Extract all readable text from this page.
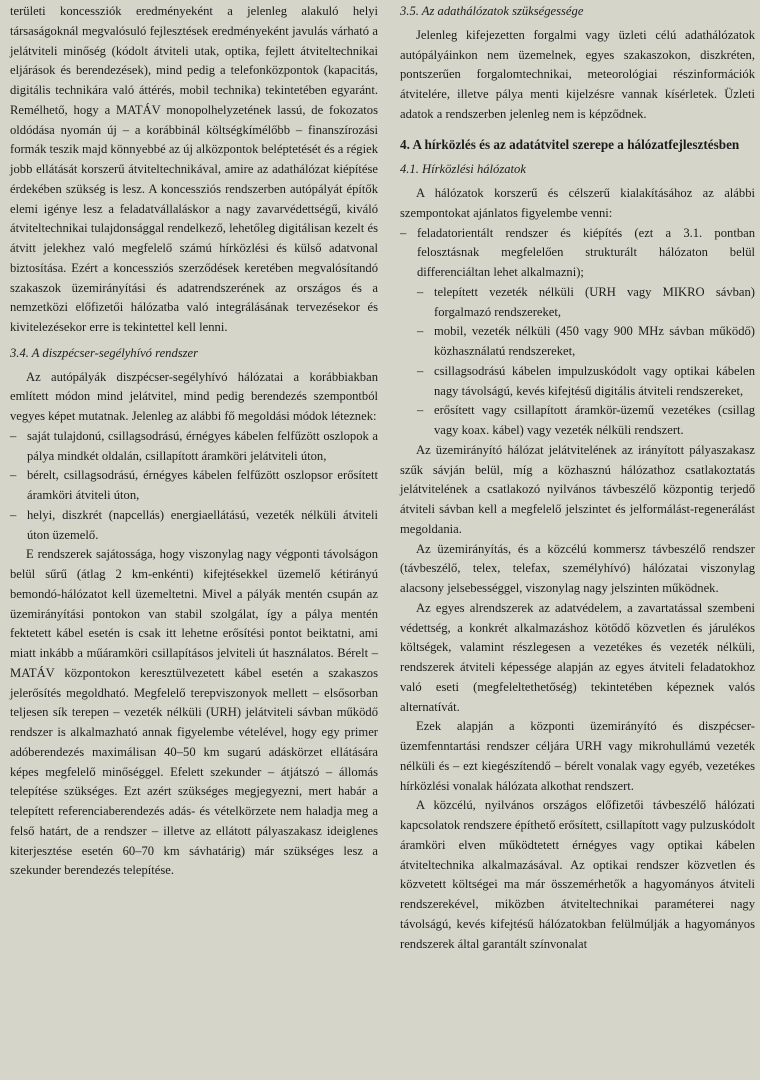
területi koncessziók eredményeként a jelenleg alakuló helyi társaságoknál megvalósuló fejlesztések eredményeként javulás várható a jelátviteli minőség (kódolt átviteli utak, optika, fejlett átviteltechnikai eljárások és berendezések), mind pedig a telefonközpontok (kapacitás, digitális technikára való áttérés, mobil technika) tekintetében egyaránt. Remélhető, hogy a MATÁV monopolhelyzetének lassú, de fokozatos oldódása nyomán új – a korábbinál költségkímélőbb – finanszírozási formák teszik majd könnyebbé az új alközpontok beléptetését és a régiek jobb ellátását korszerű átviteltechnikával, amire az adathálózat kiépítése érdekében szükség is lesz. A koncessziós rendszerben autópályát építők elemi igénye lesz a feladatvállaláskor a nagy zavarvédettségű, kiváló átviteltechnikai tulajdonsággal rendelkező, lehetőleg digitálisan kezelt és átvitt jelekhez való megfelelő számú hírközlési és külső adatvonal biztosítása. Ezért a koncessziós szerződések keretében megvalósítandó szakaszok üzemirányítási és adatrendszerének az országos és a nemzetközi előfizetői hálózatba való integrálásának tervezésekor és kivitelezésekor erre is tekintettel kell lenni.

3.4. A diszpécser-segélyhívó rendszer

Az autópályák diszpécser-segélyhívó hálózatai a korábbiakban említett módon mind jelátvitel, mind pedig berendezés szempontból vegyes képet mutatnak. Jelenleg az alábbi fő megoldási módok léteznek:

– saját tulajdonú, csillagsodrású, érnégyes kábelen felfűzött oszlopok a pálya mindkét oldalán, csillapított áramköri jelátviteli úton,
– bérelt, csillagsodrású, érnégyes kábelen felfűzött oszlopsor erősített áramköri átviteli úton,
– helyi, diszkrét (napcellás) energiaellátású, vezeték nélküli átviteli úton üzemelő.

E rendszerek sajátossága, hogy viszonylag nagy végponti távolságon belül sűrű (átlag 2 km-enkénti) kifejtésekkel üzemelő kétirányú bemondó-hálózatot kell üzemeltetni. Mivel a pályák mentén csupán az üzemirányítási pontokon van stabil szolgálat, így a pálya mentén fektetett kábel esetén is csak itt lehetne erősítési pontot beiktatni, ami miatt inkább a műáramköri csillapításos jelviteli út használatos. Bérelt – MATÁV központokon keresztülvezetett kábel esetén a szakaszos jelerősítés megoldható. Megfelelő terepviszonyok mellett – elsősorban teljesen sík terepen – vezeték nélküli (URH) jelátviteli sávban működő rendszer is alkalmazható annak figyelembe vételével, hogy egy primer adóberendezés maximálisan 40–50 km sugarú adáskörzet ellátására képes megfelelő minőséggel. Efelett szekunder – átjátszó – állomás telepítése szükséges. Ezt azért szükséges megjegyezni, mert habár a telepített referenciaberendezés adás- és vételkörzete nem haladja meg a felső határt, de a rendszer – illetve az ellátott pályaszakasz ideiglenes kiterjesztése esetén 60–70 km sávhatárig) már szükséges lesz a szekunder berendezés telepítése.

3.5. Az adathálózatok szükségessége

Jelenleg kifejezetten forgalmi vagy üzleti célú adathálózatok autópályáinkon nem üzemelnek, egyes szakaszokon, diszkréten, pontszerűen forgalomtechnikai, meteorológiai részinformációk átvitelére, illetve pálya menti kijelzésre vannak kísérletek. Üzleti adatok a rendszerben jelenleg nem is képződnek.

4. A hírközlés és az adatátvitel szerepe a hálózatfejlesztésben
4.1. Hírközlési hálózatok

A hálózatok korszerű és célszerű kialakításához az alábbi szempontokat ajánlatos figyelembe venni:

– feladatorientált rendszer és kiépítés (ezt a 3.1. pontban felosztásnak megfelelően strukturált hálózaton belül differenciáltan lehet alkalmazni);
– telepített vezeték nélküli (URH vagy MIKRO sávban) forgalmazó rendszereket,
– mobil, vezeték nélküli (450 vagy 900 MHz sávban működő) közhasználatú rendszereket,
– csillagsodrású kábelen impulzuskódolt vagy optikai kábelen nagy távolságú, kevés kifejtésű digitális átviteli rendszereket,
– erősített vagy csillapított áramkör-üzemű vezetékes (csillag vagy koax. kábel) vagy vezeték nélküli rendszert.

Az üzemirányító hálózat jelátvitelének az irányított pályaszakasz szűk sávján belül, míg a közhasznú hálózathoz csatlakoztatás jelátvitelének a csatlakozó nyilvános távbeszélő központig terjedő átviteli sávban kell a megfelelő jelszintet és jelformálást-regenerálást megoldania.

Az üzemirányítás, és a közcélú kommersz távbeszélő rendszer (távbeszélő, telex, telefax, személyhívó) hálózatai viszonylag alacsony jelsebességgel, viszonylag nagy jelszinten működnek.

Az egyes alrendszerek az adatvédelem, a zavartatással szembeni védettség, a konkrét alkalmazáshoz kötődő közvetlen és járulékos költségek, valamint részlegesen a vezetékes és vezeték nélküli, rendszerek átviteli képessége alapján az egyes átviteli feladatokhoz való eseti (megfeleltethetőség) tekintetében képeznek valós alternatívát.

Ezek alapján a központi üzemirányító és diszpécser-üzemfenntartási rendszer céljára URH vagy mikrohullámú vezeték nélküli és – ezt kiegészítendő – bérelt vonalak vagy egyéb, vezetékes hírközlési vonalak hálózata alkothat rendszert.

A közcélú, nyilvános országos előfizetői távbeszélő hálózati kapcsolatok rendszere építhető erősített, csillapított vagy pulzuskódolt áramköri elven működtetett érnégyes vagy optikai kábelen átviteltechnika alkalmazásával. Az optikai rendszer közvetlen és közvetett költségei ma már összemérhetők a hagyományos átviteli rendszerekével, miközben átviteltechnikai paraméterei nagy távolságú, kevés kifejtésű hálózatokban felülmúlják a hagyományos rendszerek által garantált színvonalat
